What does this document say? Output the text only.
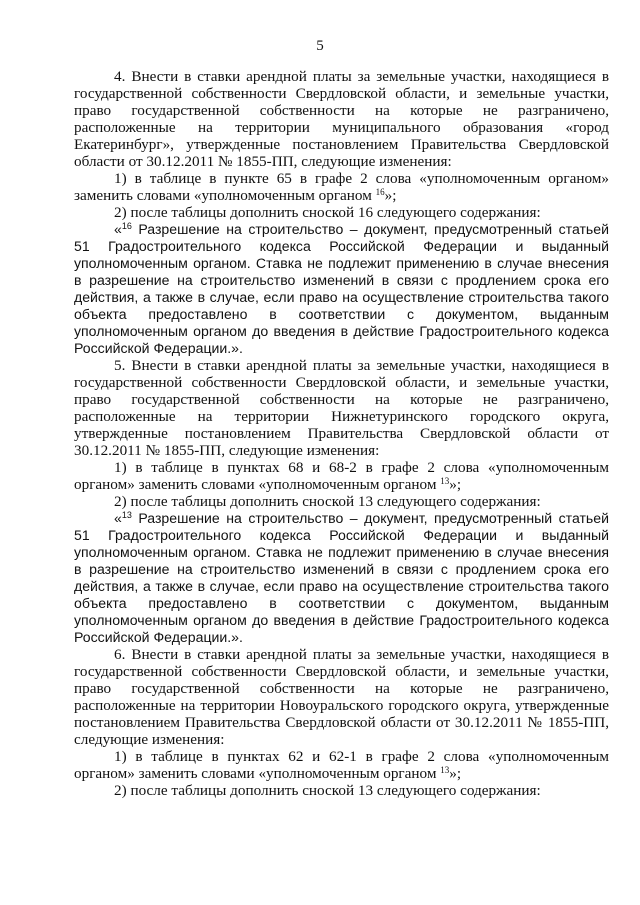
5

4. Внести в ставки арендной платы за земельные участки, находящиеся в государственной собственности Свердловской области, и земельные участки, право государственной собственности на которые не разграничено, расположенные на территории муниципального образования «город Екатеринбург», утвержденные постановлением Правительства Свердловской области от 30.12.2011 № 1855-ПП, следующие изменения:

1) в таблице в пункте 65 в графе 2 слова «уполномоченным органом» заменить словами «уполномоченным органом $^{16}$»;

2) после таблицы дополнить сноской 16 следующего содержания:

«$^{16}$ Разрешение на строительство – документ, предусмотренный статьей 51 Градостроительного кодекса Российской Федерации и выданный уполномоченным органом. Ставка не подлежит применению в случае внесения в разрешение на строительство изменений в связи с продлением срока его действия, а также в случае, если право на осуществление строительства такого объекта предоставлено в соответствии с документом, выданным уполномоченным органом до введения в действие Градостроительного кодекса Российской Федерации.».

5. Внести в ставки арендной платы за земельные участки, находящиеся в государственной собственности Свердловской области, и земельные участки, право государственной собственности на которые не разграничено, расположенные на территории Нижнетуринского городского округа, утвержденные постановлением Правительства Свердловской области от 30.12.2011 № 1855-ПП, следующие изменения:

1) в таблице в пунктах 68 и 68-2 в графе 2 слова «уполномоченным органом» заменить словами «уполномоченным органом $^{13}$»;

2) после таблицы дополнить сноской 13 следующего содержания:

«$^{13}$ Разрешение на строительство – документ, предусмотренный статьей 51 Градостроительного кодекса Российской Федерации и выданный уполномоченным органом. Ставка не подлежит применению в случае внесения в разрешение на строительство изменений в связи с продлением срока его действия, а также в случае, если право на осуществление строительства такого объекта предоставлено в соответствии с документом, выданным уполномоченным органом до введения в действие Градостроительного кодекса Российской Федерации.».

6. Внести в ставки арендной платы за земельные участки, находящиеся в государственной собственности Свердловской области, и земельные участки, право государственной собственности на которые не разграничено, расположенные на территории Новоуральского городского округа, утвержденные постановлением Правительства Свердловской области от 30.12.2011 № 1855-ПП, следующие изменения:

1) в таблице в пунктах 62 и 62-1 в графе 2 слова «уполномоченным органом» заменить словами «уполномоченным органом $^{13}$»;

2) после таблицы дополнить сноской 13 следующего содержания:
